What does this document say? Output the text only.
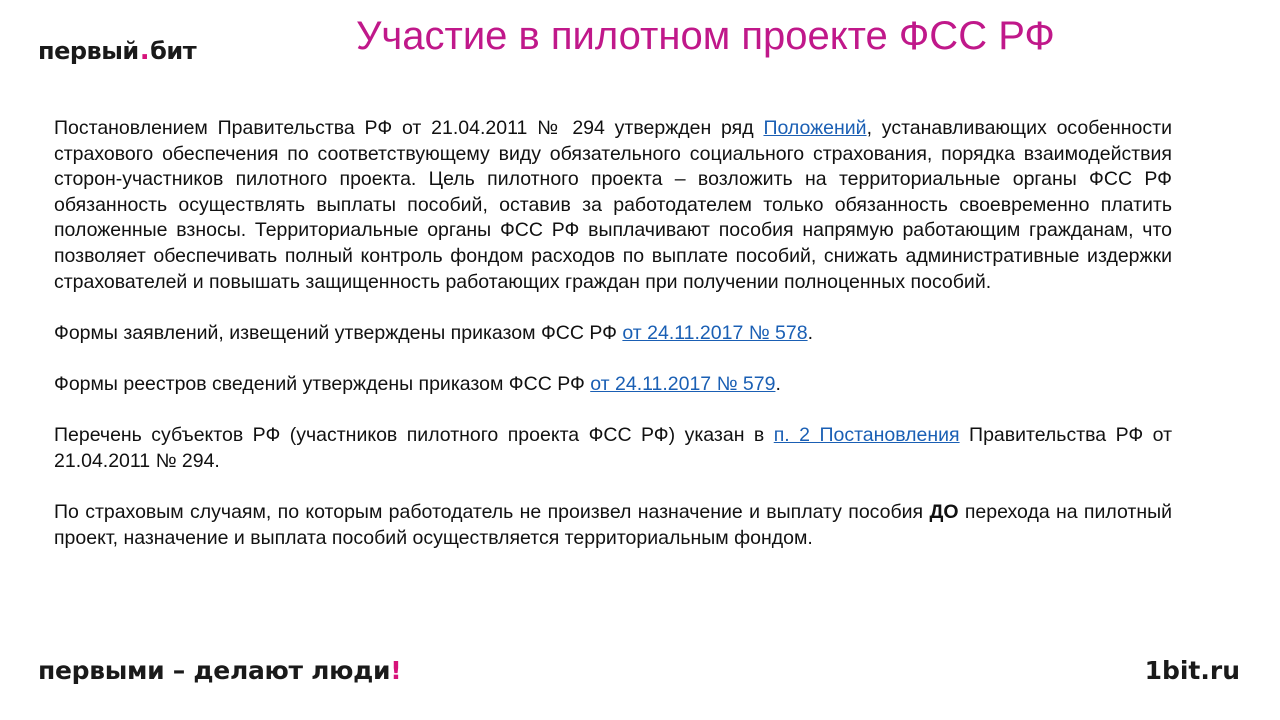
первый . бит	Участие в пилотном проекте ФСС РФ

Постановлением Правительства РФ от 21.04.2011 № 294 утвержден ряд Положений, устанавливающих особенности страхового обеспечения по соответствующему виду обязательного социального страхования, порядка взаимодействия сторон-участников пилотного проекта. Цель пилотного проекта – возложить на территориальные органы ФСС РФ обязанность осуществлять выплаты пособий, оставив за работодателем только обязанность своевременно платить положенные взносы. Территориальные органы ФСС РФ выплачивают пособия напрямую работающим гражданам, что позволяет обеспечивать полный контроль фондом расходов по выплате пособий, снижать административные издержки страхователей и повышать защищенность работающих граждан при получении полноценных пособий.

Формы заявлений, извещений утверждены приказом ФСС РФ от 24.11.2017 № 578.

Формы реестров сведений утверждены приказом ФСС РФ от 24.11.2017 № 579.

Перечень субъектов РФ (участников пилотного проекта ФСС РФ) указан в п. 2 Постановления Правительства РФ от 21.04.2011 № 294.

По страховым случаям, по которым работодатель не произвел назначение и выплату пособия ДО перехода на пилотный проект, назначение и выплата пособий осуществляется территориальным фондом.

первыми – делают люди!	1bit.ru
